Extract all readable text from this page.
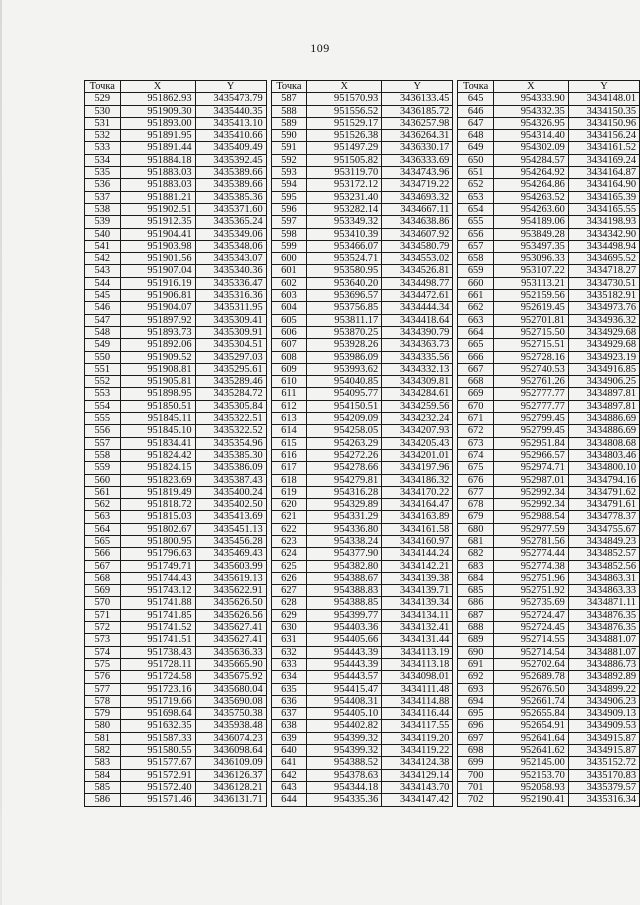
109
Точка	X	Y
529	951862.93	3435473.79
530	951909.30	3435440.35
531	951893.00	3435413.10
532	951891.95	3435410.66
533	951891.44	3435409.49
534	951884.18	3435392.45
535	951883.03	3435389.66
536	951883.03	3435389.66
537	951881.21	3435385.36
538	951902.51	3435371.60
539	951912.35	3435365.24
540	951904.41	3435349.06
541	951903.98	3435348.06
542	951901.56	3435343.07
543	951907.04	3435340.36
544	951916.19	3435336.47
545	951906.81	3435316.36
546	951904.07	3435311.95
547	951897.92	3435309.41
548	951893.73	3435309.91
549	951892.06	3435304.51
550	951909.52	3435297.03
551	951908.81	3435295.61
552	951905.81	3435289.46
553	951898.95	3435284.72
554	951850.51	3435305.84
555	951845.11	3435322.51
556	951845.10	3435322.52
557	951834.41	3435354.96
558	951824.42	3435385.30
559	951824.15	3435386.09
560	951823.69	3435387.43
561	951819.49	3435400.24
562	951818.72	3435402.50
563	951815.03	3435413.69
564	951802.67	3435451.13
565	951800.95	3435456.28
566	951796.63	3435469.43
567	951749.71	3435603.99
568	951744.43	3435619.13
569	951743.12	3435622.91
570	951741.88	3435626.50
571	951741.85	3435626.56
572	951741.52	3435627.41
573	951741.51	3435627.41
574	951738.43	3435636.33
575	951728.11	3435665.90
576	951724.58	3435675.92
577	951723.16	3435680.04
578	951719.66	3435690.08
579	951698.64	3435750.38
580	951632.35	3435938.48
581	951587.33	3436074.23
582	951580.55	3436098.64
583	951577.67	3436109.09
584	951572.91	3436126.37
585	951572.40	3436128.21
586	951571.46	3436131.71
Точка	X	Y
587	951570.93	3436133.45
588	951556.52	3436185.72
589	951529.17	3436257.98
590	951526.38	3436264.31
591	951497.29	3436330.17
592	951505.82	3436333.69
593	953119.70	3434743.96
594	953172.12	3434719.22
595	953231.40	3434693.32
596	953282.14	3434667.11
597	953349.32	3434638.86
598	953410.39	3434607.92
599	953466.07	3434580.79
600	953524.71	3434553.02
601	953580.95	3434526.81
602	953640.20	3434498.77
603	953696.57	3434472.61
604	953756.85	3434444.34
605	953811.17	3434418.64
606	953870.25	3434390.79
607	953928.26	3434363.73
608	953986.09	3434335.56
609	953993.62	3434332.13
610	954040.85	3434309.81
611	954095.77	3434284.61
612	954150.51	3434259.56
613	954209.09	3434232.24
614	954258.05	3434207.93
615	954263.29	3434205.43
616	954272.26	3434201.01
617	954278.66	3434197.96
618	954279.81	3434186.32
619	954316.28	3434170.22
620	954329.89	3434164.47
621	954331.29	3434163.89
622	954336.80	3434161.58
623	954338.24	3434160.97
624	954377.90	3434144.24
625	954382.80	3434142.21
626	954388.67	3434139.38
627	954388.83	3434139.71
628	954388.85	3434139.34
629	954399.77	3434134.11
630	954403.36	3434132.41
631	954405.66	3434131.44
632	954443.39	3434113.19
633	954443.39	3434113.18
634	954443.57	3434098.01
635	954415.47	3434111.48
636	954408.31	3434114.88
637	954405.10	3434116.44
638	954402.82	3434117.55
639	954399.32	3434119.20
640	954399.32	3434119.22
641	954388.52	3434124.38
642	954378.63	3434129.14
643	954344.18	3434143.70
644	954335.36	3434147.42
Точка	X	Y
645	954333.90	3434148.01
646	954332.35	3434150.35
647	954326.95	3434150.96
648	954314.40	3434156.24
649	954302.09	3434161.52
650	954284.57	3434169.24
651	954264.92	3434164.87
652	954264.86	3434164.90
653	954263.52	3434165.39
654	954263.60	3434165.55
655	954189.06	3434198.93
656	953849.28	3434342.90
657	953497.35	3434498.94
658	953096.33	3434695.52
659	953107.22	3434718.27
660	953113.21	3434730.51
661	952159.56	3435182.91
662	952619.45	3434973.76
663	952701.81	3434936.32
664	952715.50	3434929.68
665	952715.51	3434929.68
666	952728.16	3434923.19
667	952740.53	3434916.85
668	952761.26	3434906.25
669	952777.77	3434897.81
670	952777.77	3434897.81
671	952799.45	3434886.69
672	952799.45	3434886.69
673	952951.84	3434808.68
674	952966.57	3434803.46
675	952974.71	3434800.10
676	952987.01	3434794.16
677	952992.34	3434791.62
678	952992.34	3434791.61
679	952988.54	3434778.37
680	952977.59	3434755.67
681	952781.56	3434849.23
682	952774.44	3434852.57
683	952774.38	3434852.56
684	952751.96	3434863.31
685	952751.92	3434863.33
686	952735.69	3434871.11
687	952724.47	3434876.35
688	952724.45	3434876.35
689	952714.55	3434881.07
690	952714.54	3434881.07
691	952702.64	3434886.73
692	952689.78	3434892.89
693	952676.50	3434899.22
694	952661.74	3434906.23
695	952655.84	3434909.13
696	952654.91	3434909.53
697	952641.64	3434915.87
698	952641.62	3434915.87
699	952145.00	3435152.72
700	952153.70	3435170.83
701	952058.93	3435379.57
702	952190.41	3435316.34
